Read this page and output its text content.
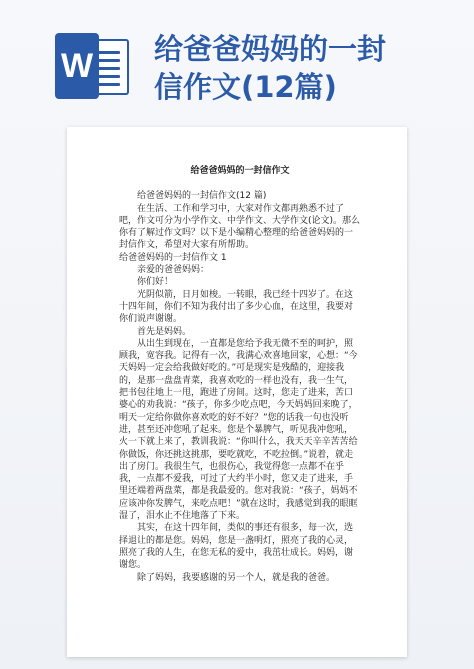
W 给爸爸妈妈的一封
信作文(12篇)
给爸爸妈妈的一封信作文

给爸爸妈妈的一封信作文(12 篇)

在生活、工作和学习中，大家对作文都再熟悉不过了吧，作文可分为小学作文、中学作文、大学作文(论文)。那么你有了解过作文吗？以下是小编精心整理的给爸爸妈妈的一封信作文，希望对大家有所帮助。

给爸爸妈妈的一封信作文 1

亲爱的爸爸妈妈：

你们好！

光阴似箭，日月如梭。一转眼，我已经十四岁了。在这十四年间，你们不知为我付出了多少心血，在这里，我要对你们说声谢谢。

首先是妈妈。

从出生到现在，一直都是您给予我无微不至的呵护，照顾我，宽容我。记得有一次，我满心欢喜地回家，心想：“今天妈妈一定会给我做好吃的。”可是现实是残酷的，迎接我的，是那一盘盘青菜，我喜欢吃的一样也没有，我一生气，把书包往地上一甩，跑进了房间。这时，您走了进来，苦口婆心的劝我说：“孩子，你多少吃点吧，今天妈妈回来晚了，明天一定给你做你喜欢吃的好不好？”您的话我一句也没听进，甚至还冲您吼了起来。您是个暴脾气，听见我冲您吼，火一下就上来了，教训我说：“你叫什么，我天天辛辛苦苦给你做饭，你还挑这挑那，要吃就吃，不吃拉倒。”说着，就走出了房门。我很生气，也很伤心，我觉得您一点都不在乎我，一点都不爱我，可过了大约半小时，您又走了进来，手里还端着两盘菜，都是我最爱的。您对我说：“孩子，妈妈不应该冲你发脾气，来吃点吧！”就在这时，我感觉到我的眼眶湿了，泪水止不住地落了下来。

其实，在这十四年间，类似的事还有很多，每一次，选择退让的都是您。妈妈，您是一盏明灯，照亮了我的心灵，照亮了我的人生，在您无私的爱中，我茁壮成长。妈妈，谢谢您。

除了妈妈，我要感谢的另一个人，就是我的爸爸。
